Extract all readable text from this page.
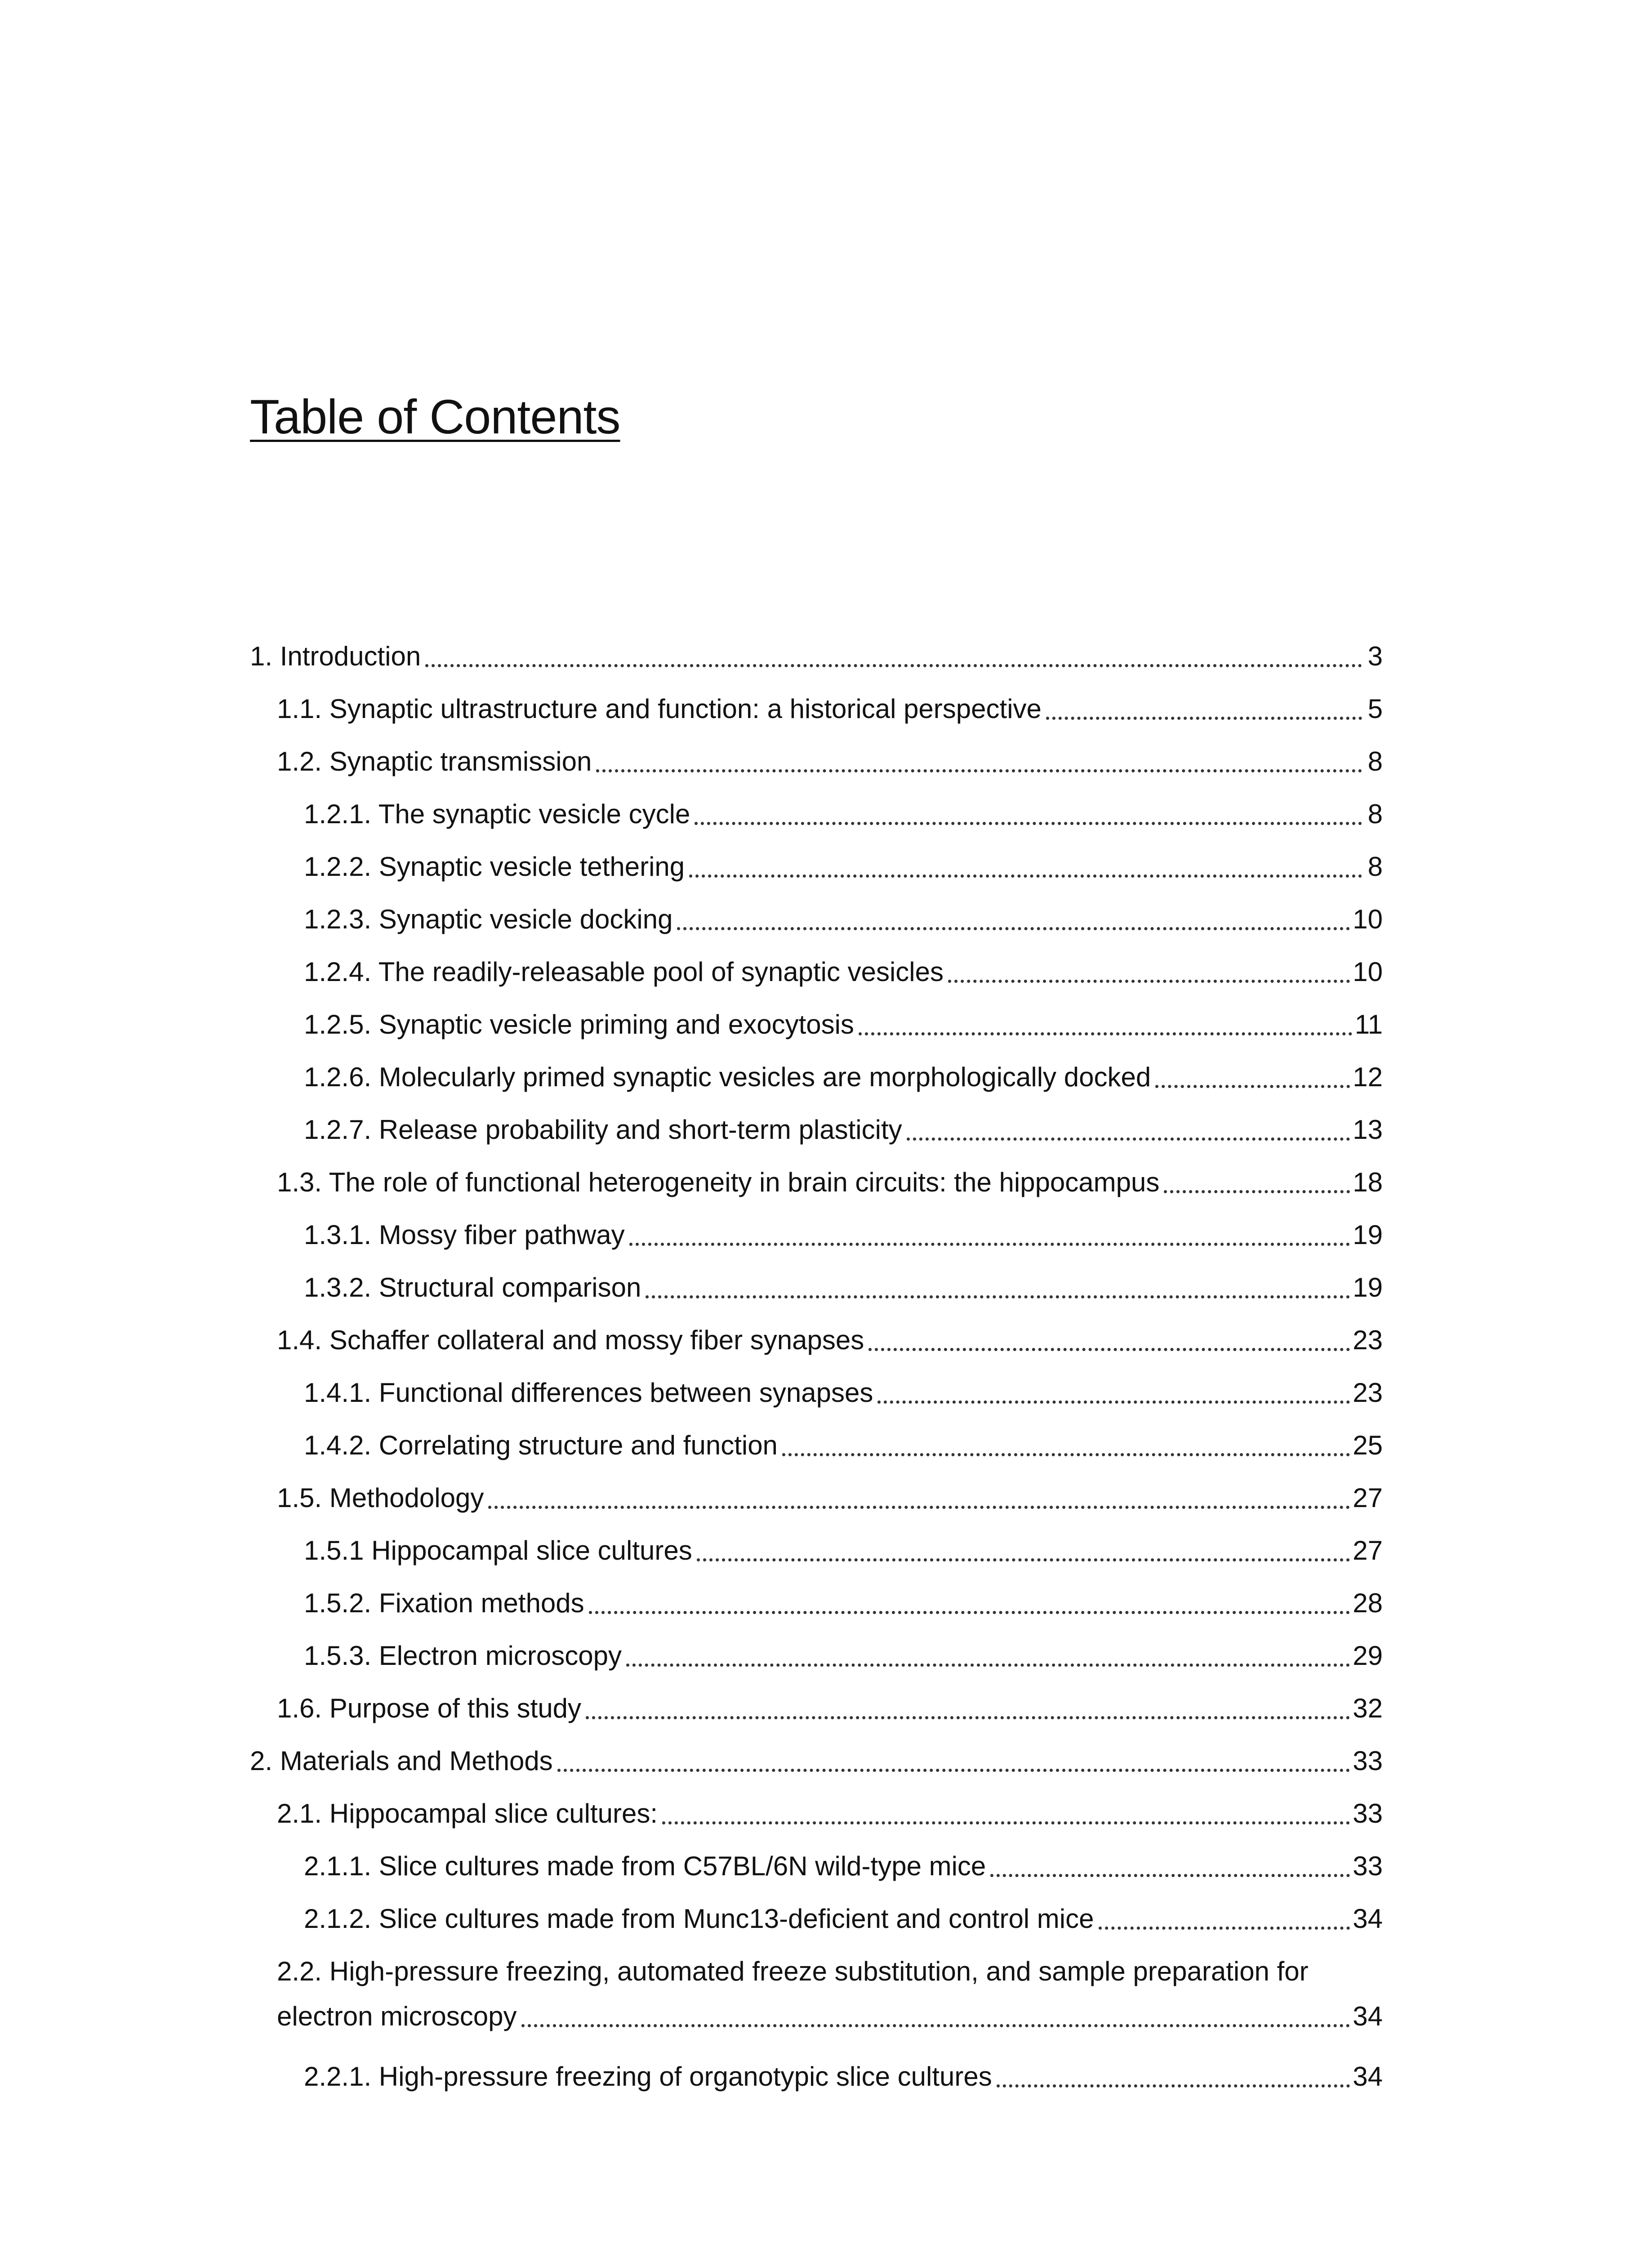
Table of Contents
1. Introduction	3
1.1. Synaptic ultrastructure and function: a historical perspective	5
1.2. Synaptic transmission	8
1.2.1. The synaptic vesicle cycle	8
1.2.2. Synaptic vesicle tethering	8
1.2.3. Synaptic vesicle docking	10
1.2.4. The readily-releasable pool of synaptic vesicles	10
1.2.5. Synaptic vesicle priming and exocytosis	11
1.2.6. Molecularly primed synaptic vesicles are morphologically docked	12
1.2.7. Release probability and short-term plasticity	13
1.3. The role of functional heterogeneity in brain circuits: the hippocampus	18
1.3.1. Mossy fiber pathway	19
1.3.2. Structural comparison	19
1.4. Schaffer collateral and mossy fiber synapses	23
1.4.1. Functional differences between synapses	23
1.4.2. Correlating structure and function	25
1.5. Methodology	27
1.5.1 Hippocampal slice cultures	27
1.5.2. Fixation methods	28
1.5.3. Electron microscopy	29
1.6. Purpose of this study	32
2. Materials and Methods	33
2.1. Hippocampal slice cultures:	33
2.1.1. Slice cultures made from C57BL/6N wild-type mice	33
2.1.2. Slice cultures made from Munc13-deficient and control mice	34
2.2. High-pressure freezing, automated freeze substitution, and sample preparation for
electron microscopy	34
2.2.1. High-pressure freezing of organotypic slice cultures	34
